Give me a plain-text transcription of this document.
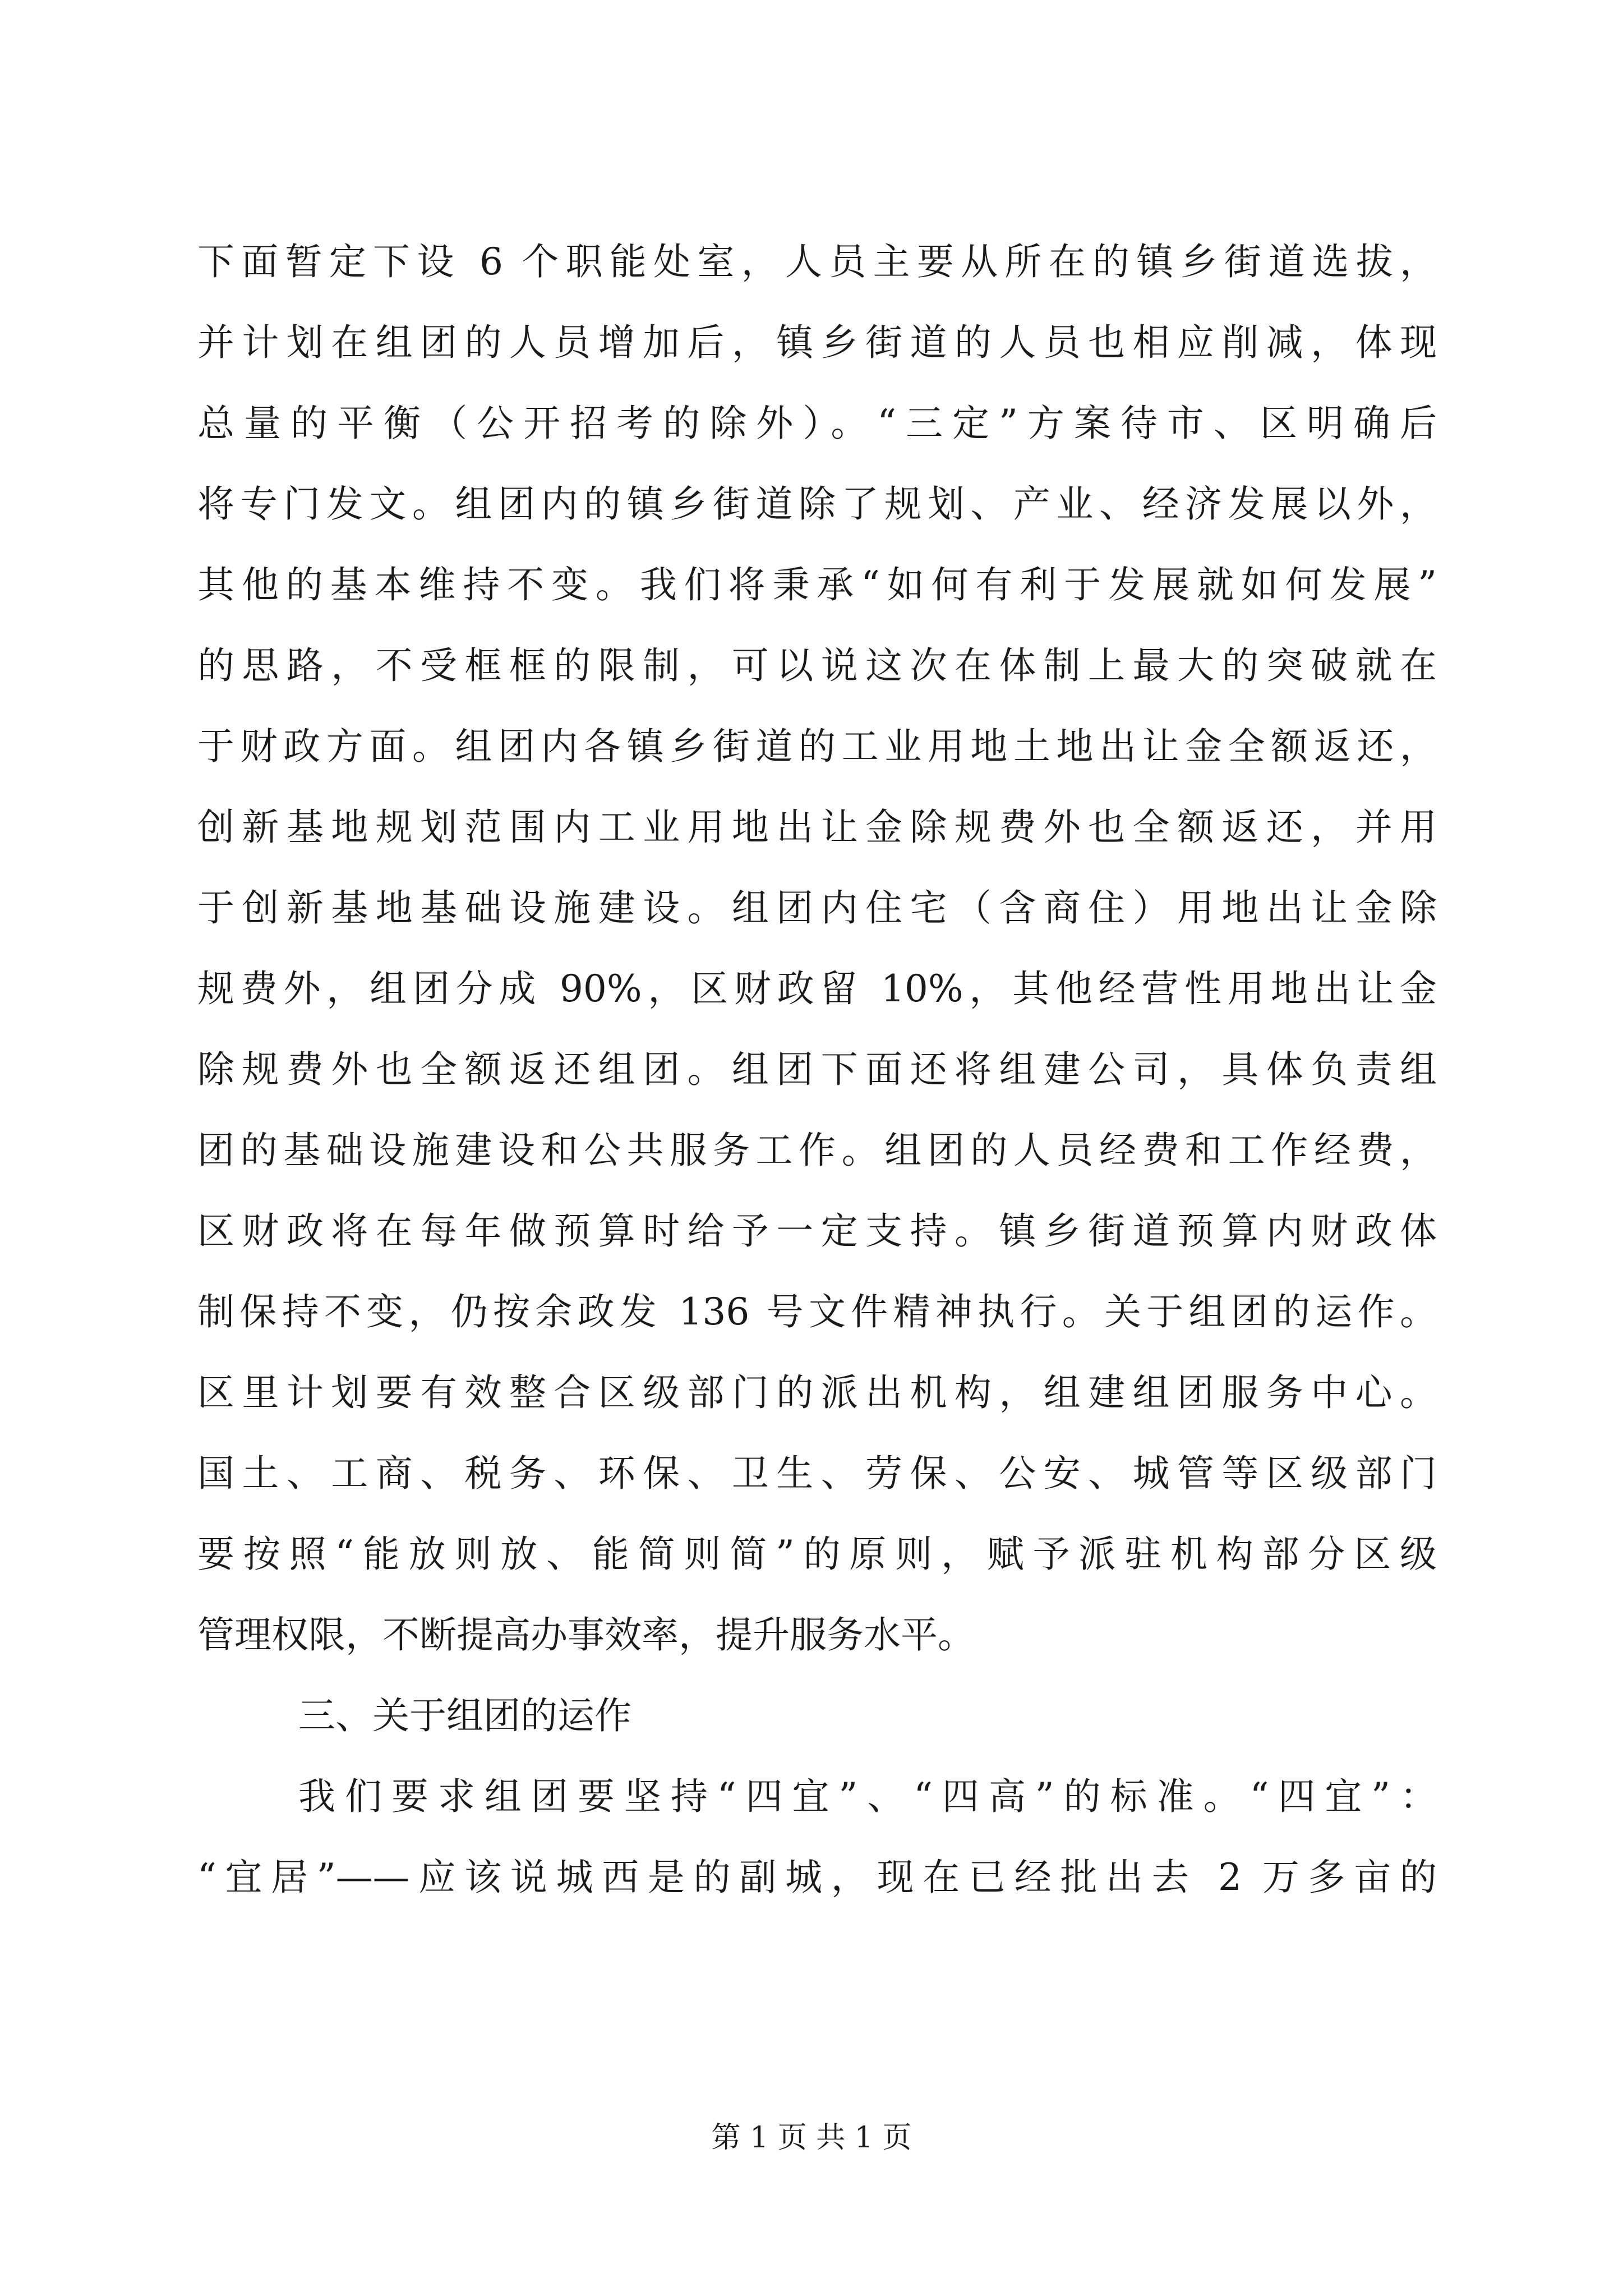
下面暂定下设 6 个职能处室，人员主要从所在的镇乡街道选拔，
并计划在组团的人员增加后，镇乡街道的人员也相应削减，体现
总量的平衡（公开招考的除外）。“三定”方案待市、区明确后
将专门发文。组团内的镇乡街道除了规划、产业、经济发展以外，
其他的基本维持不变。我们将秉承“如何有利于发展就如何发展”
的思路，不受框框的限制，可以说这次在体制上最大的突破就在
于财政方面。组团内各镇乡街道的工业用地土地出让金全额返还，
创新基地规划范围内工业用地出让金除规费外也全额返还，并用
于创新基地基础设施建设。组团内住宅（含商住）用地出让金除
规费外，组团分成 90%，区财政留 10%，其他经营性用地出让金
除规费外也全额返还组团。组团下面还将组建公司，具体负责组
团的基础设施建设和公共服务工作。组团的人员经费和工作经费，
区财政将在每年做预算时给予一定支持。镇乡街道预算内财政体
制保持不变，仍按余政发 136 号文件精神执行。关于组团的运作。
区里计划要有效整合区级部门的派出机构，组建组团服务中心。
国土、工商、税务、环保、卫生、劳保、公安、城管等区级部门
要按照“能放则放、能简则简”的原则，赋予派驻机构部分区级
管理权限，不断提高办事效率，提升服务水平。
三、关于组团的运作
我们要求组团要坚持“四宜”、“四高”的标准。“四宜”：
“宜居”——应该说城西是的副城，现在已经批出去 2 万多亩的
第 1 页 共 1 页
